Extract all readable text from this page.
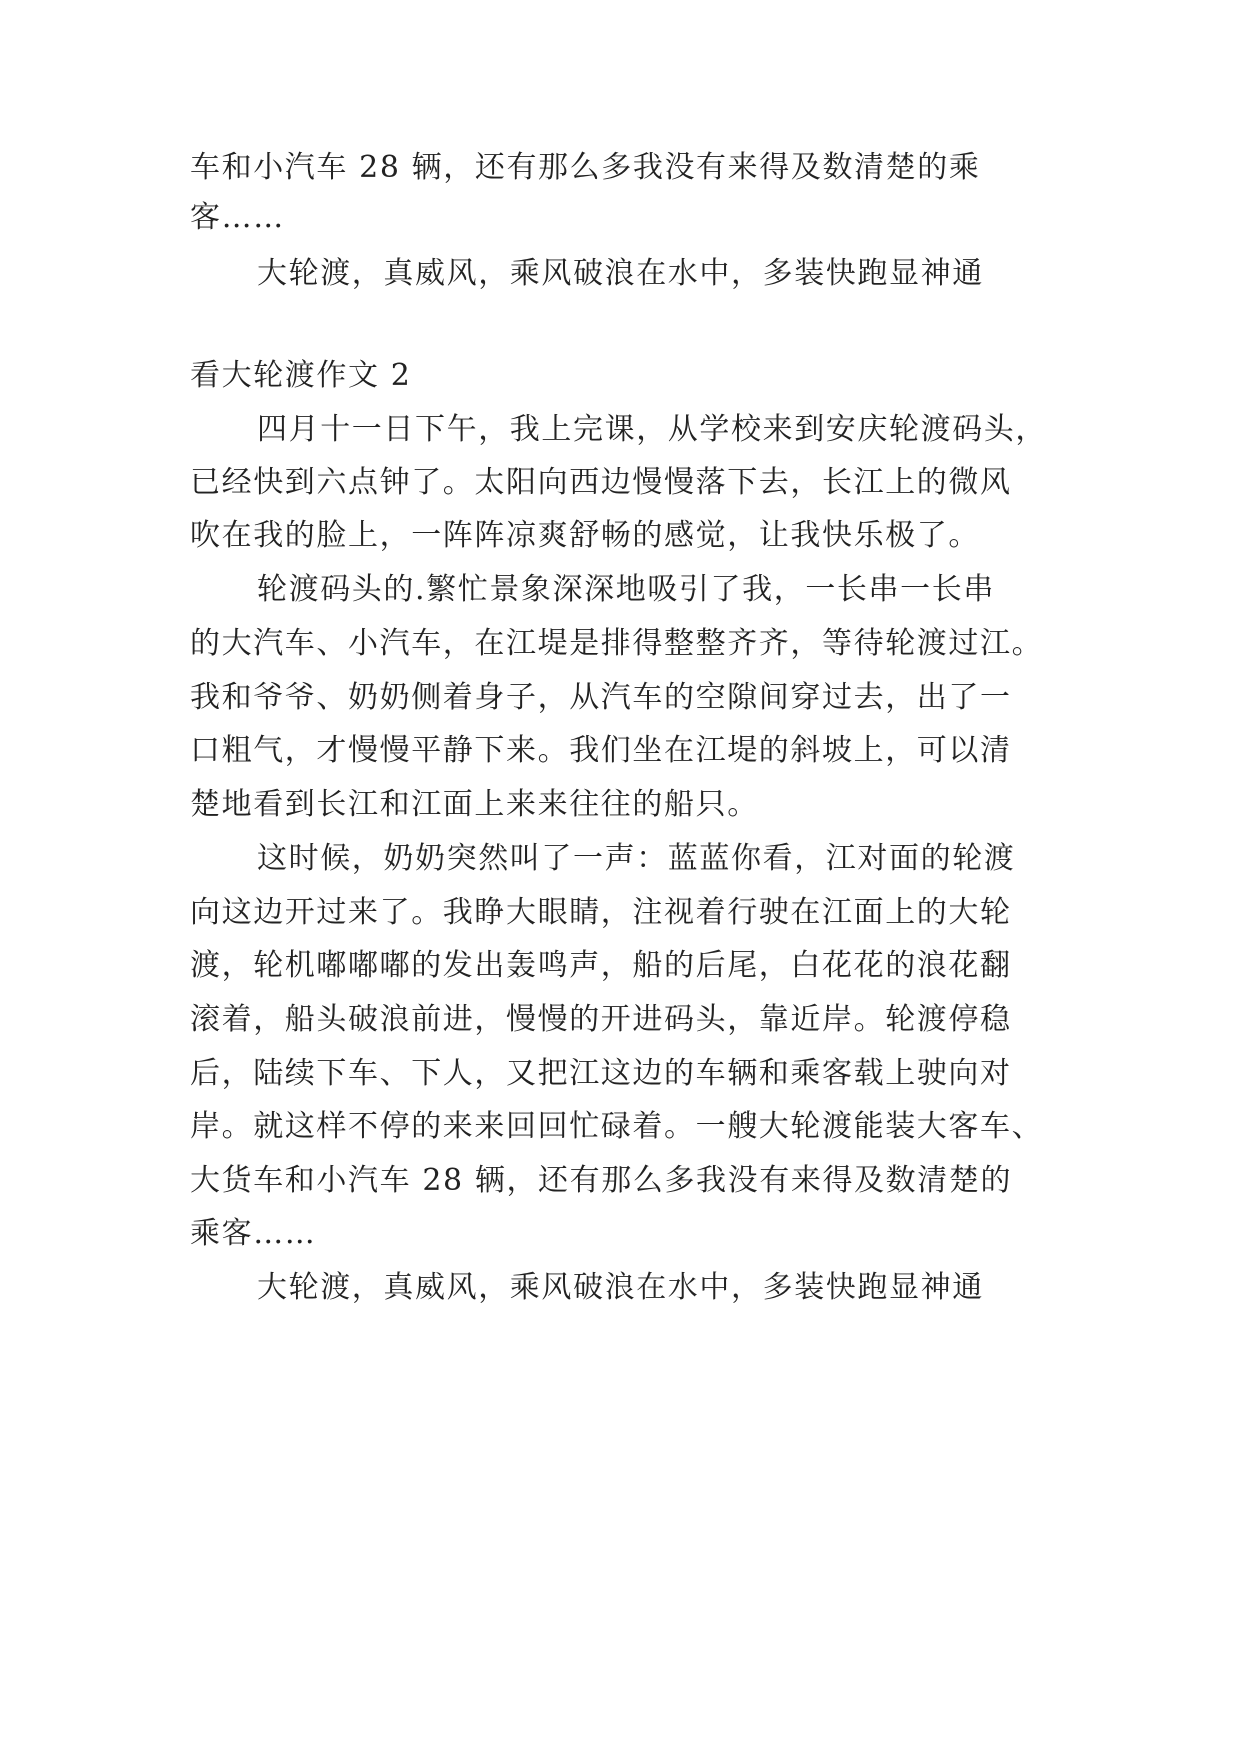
车和小汽车 28 辆，还有那么多我没有来得及数清楚的乘
客……
大轮渡，真威风，乘风破浪在水中，多装快跑显神通
看大轮渡作文 2
四月十一日下午，我上完课，从学校来到安庆轮渡码头，
已经快到六点钟了。太阳向西边慢慢落下去，长江上的微风
吹在我的脸上，一阵阵凉爽舒畅的感觉，让我快乐极了。
轮渡码头的.繁忙景象深深地吸引了我，一长串一长串
的大汽车、小汽车，在江堤是排得整整齐齐，等待轮渡过江。
我和爷爷、奶奶侧着身子，从汽车的空隙间穿过去，出了一
口粗气，才慢慢平静下来。我们坐在江堤的斜坡上，可以清
楚地看到长江和江面上来来往往的船只。
这时候，奶奶突然叫了一声：蓝蓝你看，江对面的轮渡
向这边开过来了。我睁大眼睛，注视着行驶在江面上的大轮
渡，轮机嘟嘟嘟的发出轰鸣声，船的后尾，白花花的浪花翻
滚着，船头破浪前进，慢慢的开进码头，靠近岸。轮渡停稳
后，陆续下车、下人，又把江这边的车辆和乘客载上驶向对
岸。就这样不停的来来回回忙碌着。一艘大轮渡能装大客车、
大货车和小汽车 28 辆，还有那么多我没有来得及数清楚的
乘客……
大轮渡，真威风，乘风破浪在水中，多装快跑显神通
